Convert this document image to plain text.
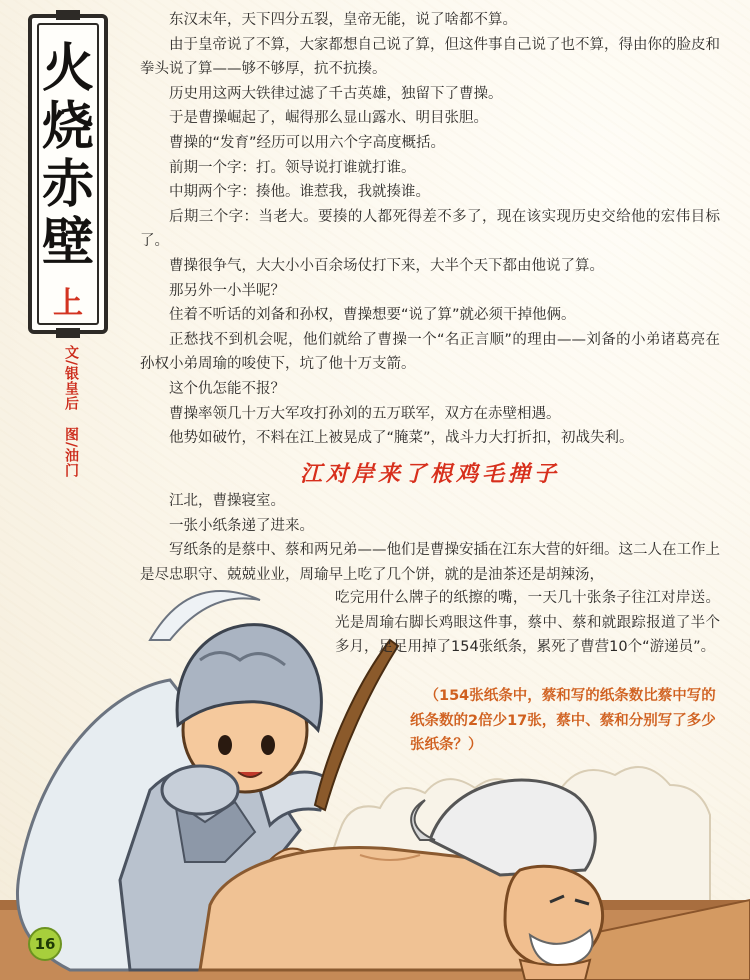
火
烧
赤
壁
上
文/银皇后
图/油门

东汉末年，天下四分五裂，皇帝无能，说了啥都不算。

由于皇帝说了不算，大家都想自己说了算，但这件事自己说了也不算，得由你的脸皮和拳头说了算——够不够厚，抗不抗揍。

历史用这两大铁律过滤了千古英雄，独留下了曹操。

于是曹操崛起了，崛得那么显山露水、明目张胆。

曹操的“发育”经历可以用六个字高度概括。

前期一个字：打。领导说打谁就打谁。

中期两个字：揍他。谁惹我，我就揍谁。

后期三个字：当老大。要揍的人都死得差不多了，现在该实现历史交给他的宏伟目标了。

曹操很争气，大大小小百余场仗打下来，大半个天下都由他说了算。

那另外一小半呢？

住着不听话的刘备和孙权，曹操想要“说了算”就必须干掉他俩。

正愁找不到机会呢，他们就给了曹操一个“名正言顺”的理由——刘备的小弟诸葛亮在孙权小弟周瑜的唆使下，坑了他十万支箭。

这个仇怎能不报？

曹操率领几十万大军攻打孙刘的五万联军，双方在赤壁相遇。

他势如破竹，不料在江上被晃成了“腌菜”，战斗力大打折扣，初战失利。

江对岸来了根鸡毛掸子

江北，曹操寝室。

一张小纸条递了进来。

写纸条的是蔡中、蔡和两兄弟——他们是曹操安插在江东大营的奸细。这二人在工作上是尽忠职守、兢兢业业，周瑜早上吃了几个饼，就的是油茶还是胡辣汤，

吃完用什么牌子的纸擦的嘴，一天几十张条子往江对岸送。光是周瑜右脚长鸡眼这件事，蔡中、蔡和就跟踪报道了半个多月，足足用掉了154张纸条，累死了曹营10个“游递员”。
（154张纸条中，蔡和写的纸条数比蔡中写的纸条数的2倍少17张，蔡中、蔡和分别写了多少张纸条？）
16
